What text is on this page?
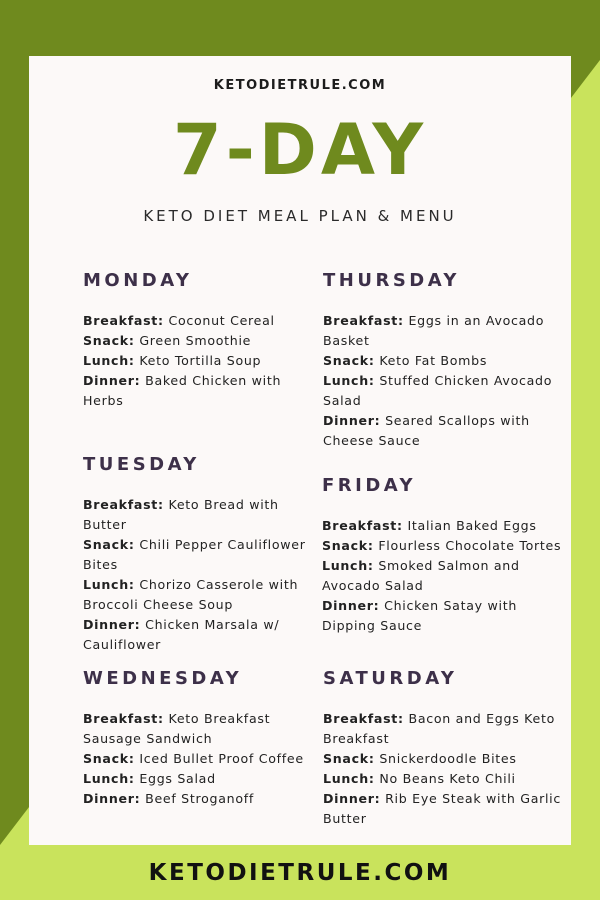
KETODIETRULE.COM
7-DAY
KETO DIET MEAL PLAN & MENU
MONDAY

Breakfast: Coconut Cereal

Snack: Green Smoothie

Lunch: Keto Tortilla Soup

Dinner: Baked Chicken with Herbs

TUESDAY

Breakfast: Keto Bread with Butter

Snack: Chili Pepper Cauliflower Bites

Lunch: Chorizo Casserole with Broccoli Cheese Soup

Dinner: Chicken Marsala w/ Cauliflower

WEDNESDAY

Breakfast: Keto Breakfast Sausage Sandwich

Snack: Iced Bullet Proof Coffee

Lunch: Eggs Salad

Dinner: Beef Stroganoff

THURSDAY

Breakfast: Eggs in an Avocado Basket

Snack: Keto Fat Bombs

Lunch: Stuffed Chicken Avocado Salad

Dinner: Seared Scallops with Cheese Sauce

FRIDAY

Breakfast: Italian Baked Eggs

Snack: Flourless Chocolate Tortes

Lunch: Smoked Salmon and Avocado Salad

Dinner: Chicken Satay with Dipping Sauce

SATURDAY

Breakfast: Bacon and Eggs Keto Breakfast

Snack: Snickerdoodle Bites

Lunch: No Beans Keto Chili

Dinner: Rib Eye Steak with Garlic Butter

KETODIETRULE.COM
